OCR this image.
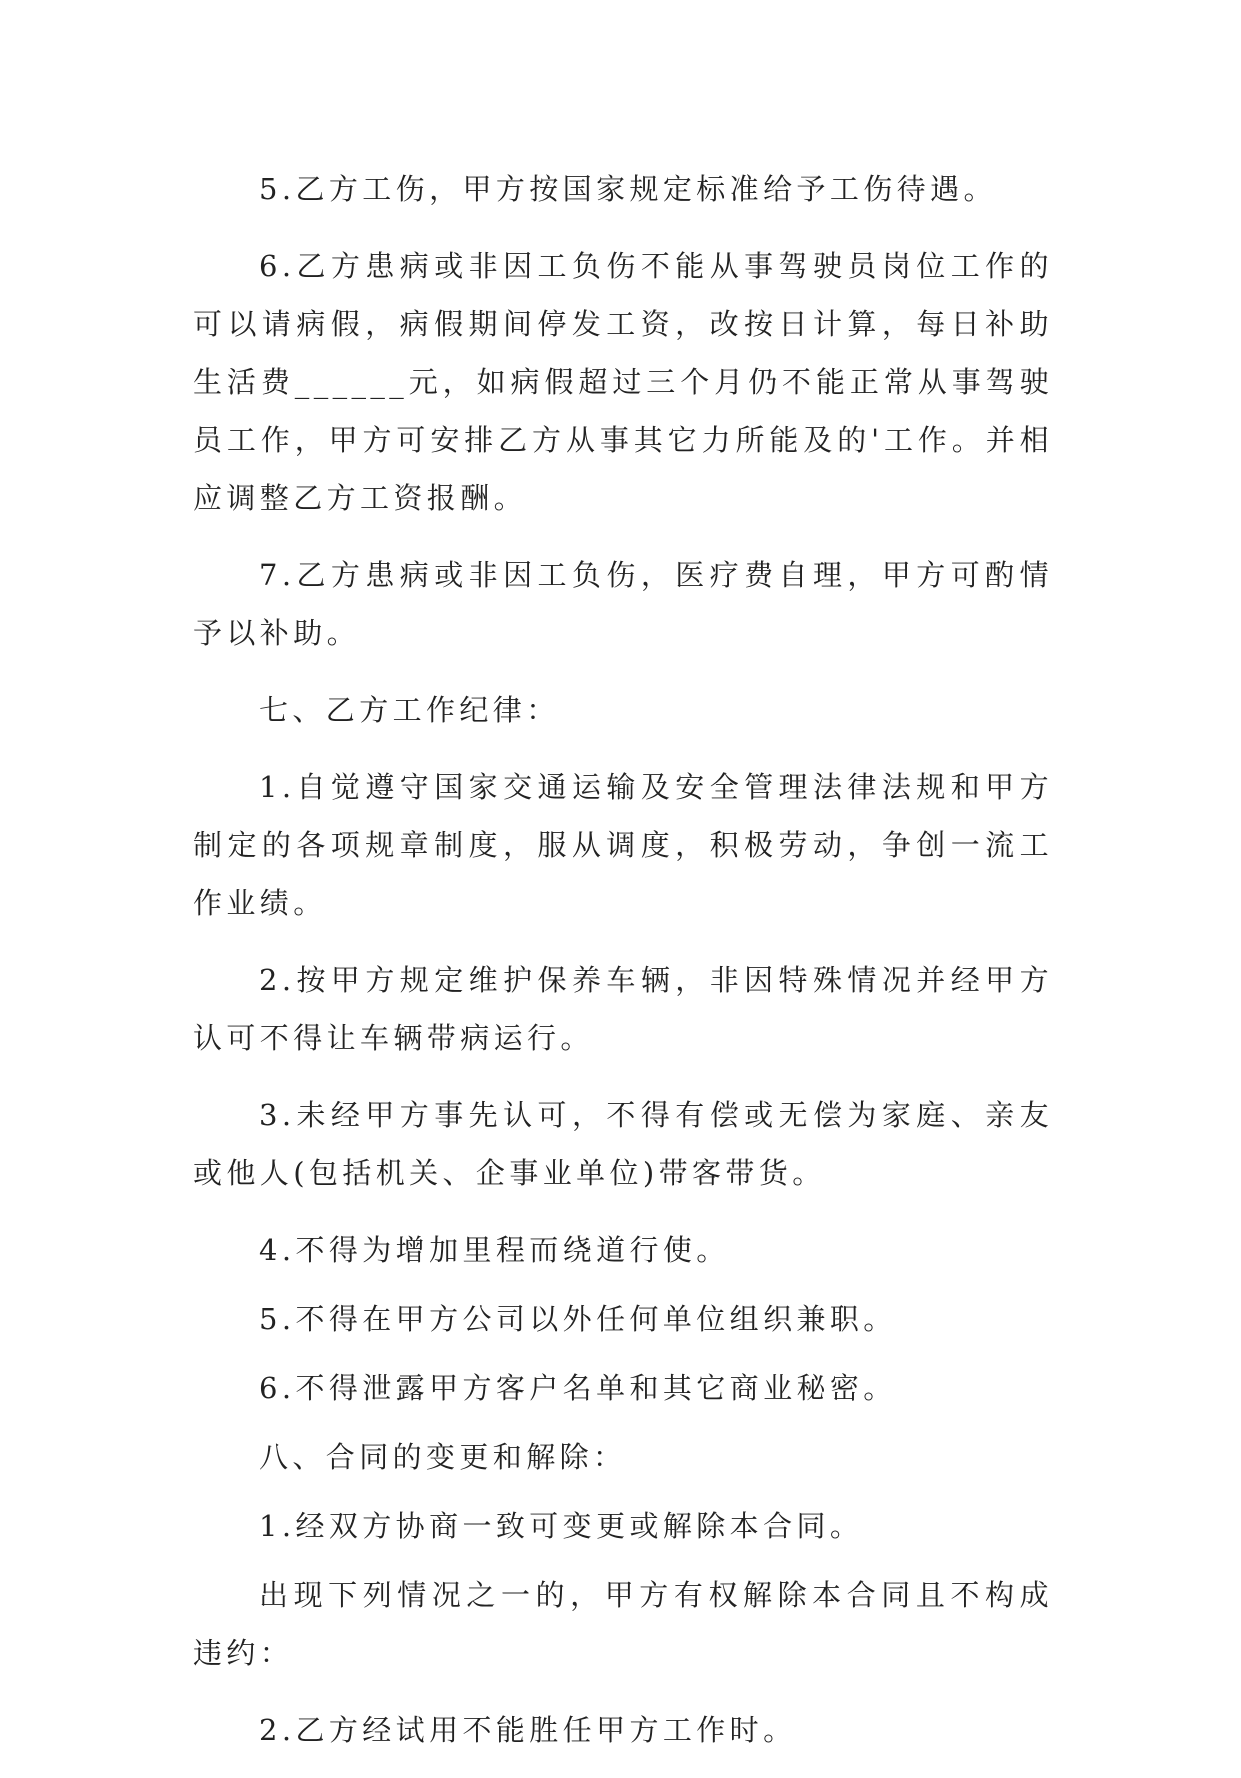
5.乙方工伤，甲方按国家规定标准给予工伤待遇。

6.乙方患病或非因工负伤不能从事驾驶员岗位工作的可以请病假，病假期间停发工资，改按日计算，每日补助生活费______元，如病假超过三个月仍不能正常从事驾驶员工作，甲方可安排乙方从事其它力所能及的'工作。并相应调整乙方工资报酬。

7.乙方患病或非因工负伤，医疗费自理，甲方可酌情予以补助。

七、乙方工作纪律：

1.自觉遵守国家交通运输及安全管理法律法规和甲方制定的各项规章制度，服从调度，积极劳动，争创一流工作业绩。

2.按甲方规定维护保养车辆，非因特殊情况并经甲方认可不得让车辆带病运行。

3.未经甲方事先认可，不得有偿或无偿为家庭、亲友或他人(包括机关、企事业单位)带客带货。

4.不得为增加里程而绕道行使。

5.不得在甲方公司以外任何单位组织兼职。

6.不得泄露甲方客户名单和其它商业秘密。

八、合同的变更和解除：

1.经双方协商一致可变更或解除本合同。

出现下列情况之一的，甲方有权解除本合同且不构成违约：

2.乙方经试用不能胜任甲方工作时。
